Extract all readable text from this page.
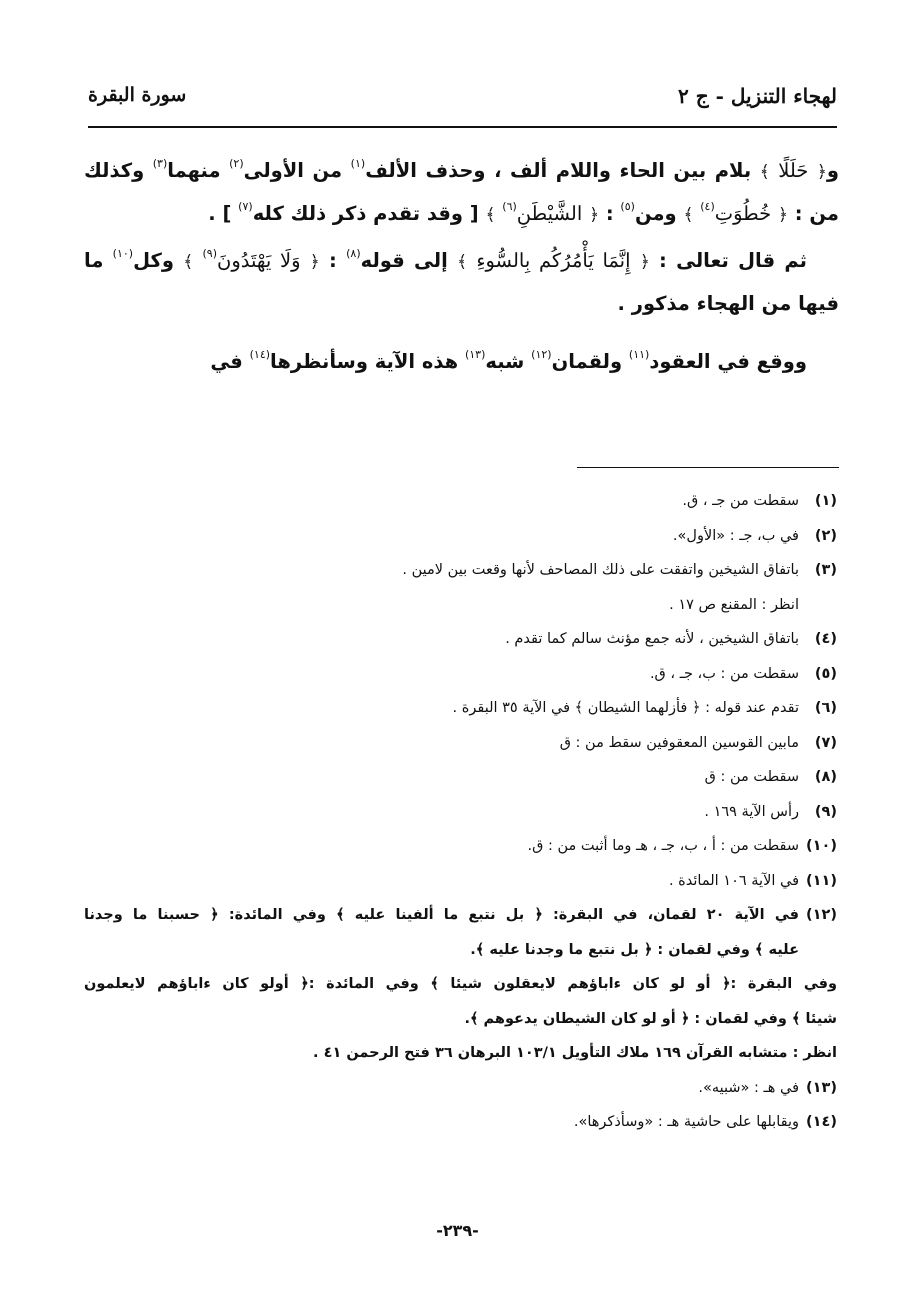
لهجاء التنزيل - ج ٢
سورة البقرة

و﴿ حَلَلًا ﴾ بلام بين الحاء واللام ألف ، وحذف الألف$^{(١)}$ من الأولى$^{(٢)}$ منهما$^{(٣)}$ وكذلك من : ﴿ خُطُوَتِ$^{(٤)}$ ﴾ ومن$^{(٥)}$ : ﴿ الشَّيْطَنِ$^{(٦)}$ ﴾ [ وقد تقدم ذكر ذلك كله$^{(٧)}$ ] .

ثم قال تعالى : ﴿ إِنَّمَا يَأْمُرُكُم بِالسُّوءِ ﴾ إلى قوله$^{(٨)}$ : ﴿ وَلَا يَهْتَدُونَ$^{(٩)}$ ﴾ وكل$^{(١٠)}$ ما فيها من الهجاء مذكور .

ووقع في العقود$^{(١١)}$ ولقمان$^{(١٢)}$ شبه$^{(١٣)}$ هذه الآية وسأنظرها$^{(١٤)}$ في

(١)
سقطت من جـ ، ق.
(٢)
في ب، جـ : «الأول».
(٣)
باتفاق الشيخين واتفقت على ذلك المصاحف لأنها وقعت بين لامين .
انظر : المقنع ص ١٧ .
(٤)
باتفاق الشيخين ، لأنه جمع مؤنث سالم كما تقدم .
(٥)
سقطت من : ب، جـ ، ق.
(٦)
تقدم عند قوله : ﴿ فأزلهما الشيطان ﴾ في الآية ٣٥ البقرة .
(٧)
مابين القوسين المعقوفين سقط من : ق
(٨)
سقطت من : ق
(٩)
رأس الآية ١٦٩ .
(١٠)
سقطت من : أ ، ب، جـ ، هـ وما أثبت من : ق.
(١١)
في الآية ١٠٦ المائدة .
(١٢)
في الآية ٢٠ لقمان، في البقرة: ﴿ بل نتبع ما ألفينا عليه ﴾ وفي المائدة: ﴿ حسبنا ما وجدنا
عليه ﴾ وفي لقمان : ﴿ بل نتبع ما وجدنا عليه ﴾.
وفي البقرة :﴿ أو لو كان ءاباؤهم لايعقلون شيئا ﴾ وفي المائدة :﴿ أولو كان ءاباؤهم لايعلمون
شيئا ﴾ وفي لقمان : ﴿ أو لو كان الشيطان يدعوهم ﴾.
انظر : متشابه القرآن ١٦٩ ملاك التأويل ١٠٣/١ البرهان ٣٦ فتح الرحمن ٤١ .
(١٣)
في هـ : «شبيه».
(١٤)
ويقابلها على حاشية هـ : «وسأذكرها».
-٢٣٩-
